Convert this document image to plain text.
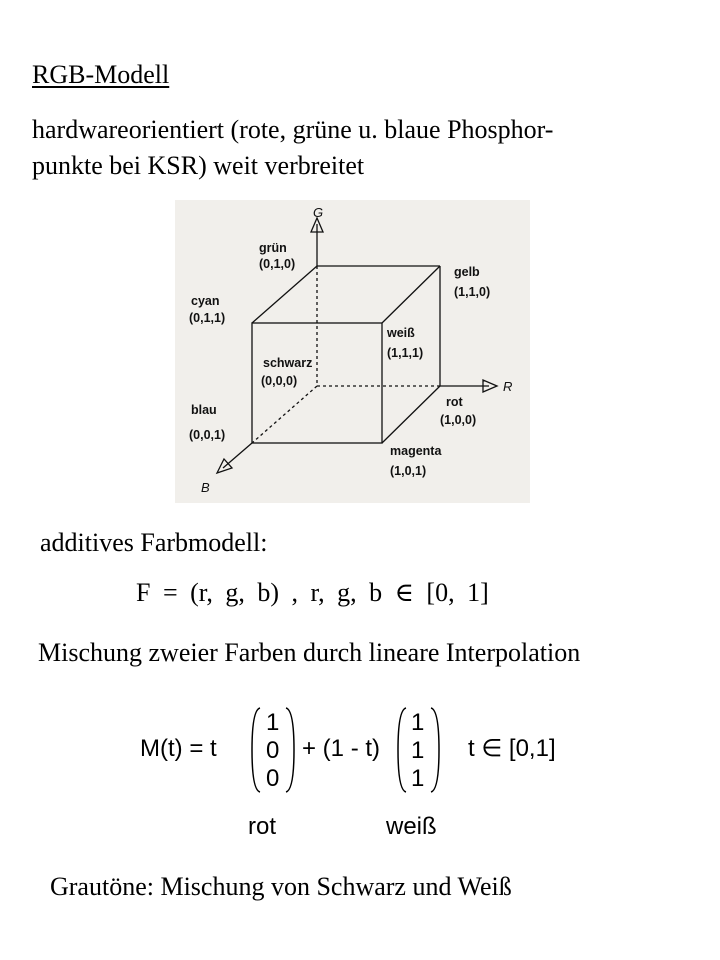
RGB-Modell
hardwareorientiert (rote, grüne u. blaue Phosphor-
punkte bei KSR) weit verbreitet
G
R
B
grün
(0,1,0)
gelb
(1,1,0)
cyan
(0,1,1)
weiß
(1,1,1)
schwarz
(0,0,0)
rot
(1,0,0)
blau
(0,0,1)
magenta
(1,0,1)
additives Farbmodell:
F = (r, g, b) , r, g, b ∈ [0, 1]
Mischung zweier Farben durch lineare Interpolation
M(t) = t
1
0
0
+ (1 - t)
1
1
1
t ∈ [0,1]
rot	weiß
Grautöne: Mischung von Schwarz und Weiß
